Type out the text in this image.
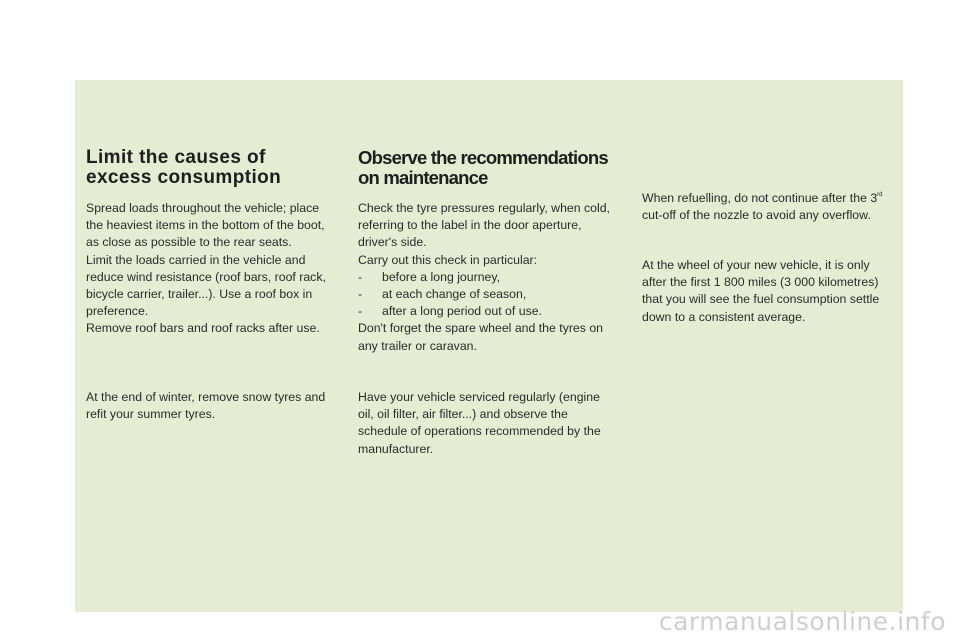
Limit the causes of excess consumption

Spread loads throughout the vehicle; place the heaviest items in the bottom of the boot, as close as possible to the rear seats.

Limit the loads carried in the vehicle and reduce wind resistance (roof bars, roof rack, bicycle carrier, trailer...). Use a roof box in preference.

Remove roof bars and roof racks after use.

At the end of winter, remove snow tyres and refit your summer tyres.

Observe the recommendations on maintenance

Check the tyre pressures regularly, when cold, referring to the label in the door aperture, driver's side.

Carry out this check in particular:

- before a long journey,
- at each change of season,
- after a long period out of use.

Don't forget the spare wheel and the tyres on any trailer or caravan.

Have your vehicle serviced regularly (engine oil, oil filter, air filter...) and observe the schedule of operations recommended by the manufacturer.

When refuelling, do not continue after the 3rd cut-off of the nozzle to avoid any overflow.

At the wheel of your new vehicle, it is only after the first 1 800 miles (3 000 kilometres) that you will see the fuel consumption settle down to a consistent average.

carmanualsonline.info
